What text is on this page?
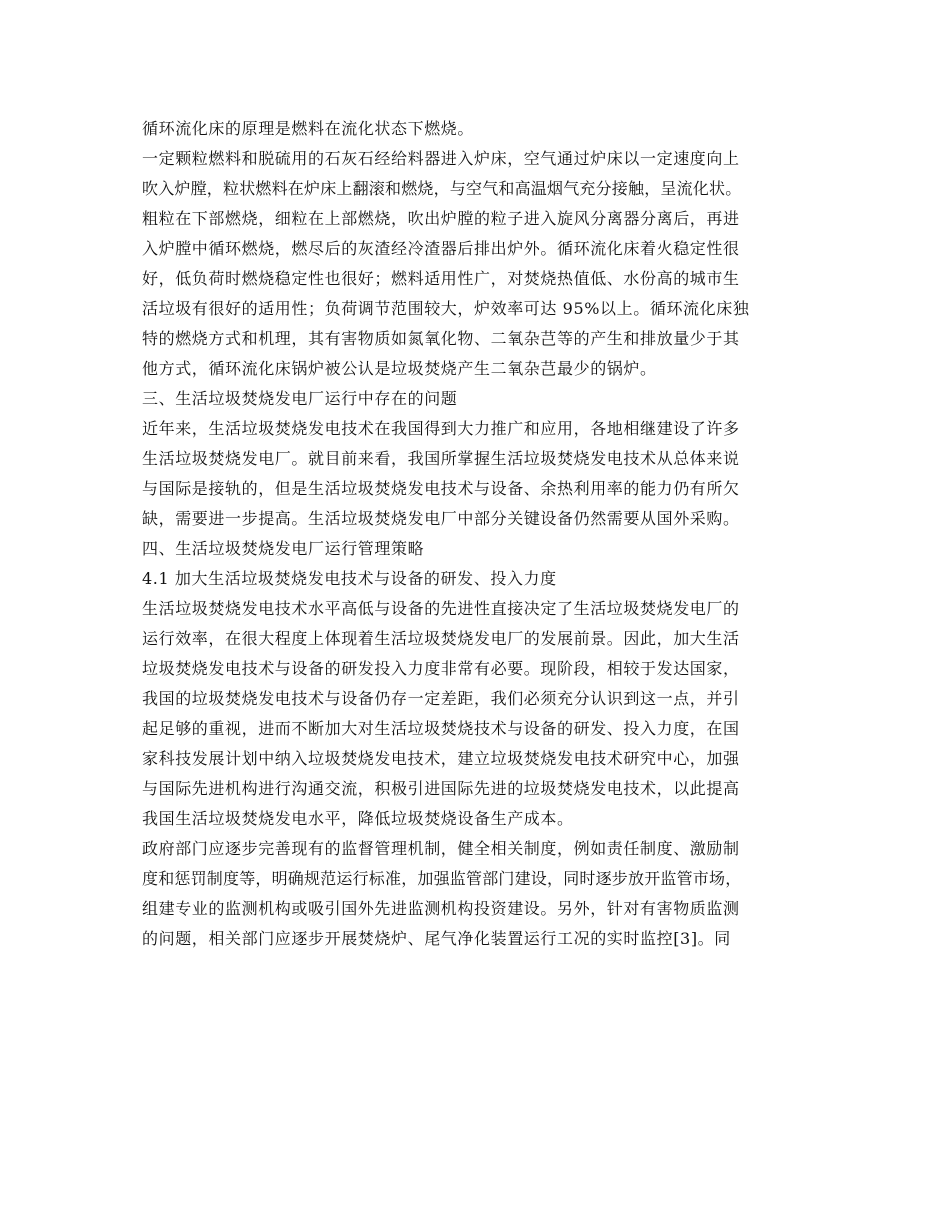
循环流化床的原理是燃料在流化状态下燃烧。
一定颗粒燃料和脱硫用的石灰石经给料器进入炉床，空气通过炉床以一定速度向上
吹入炉膛，粒状燃料在炉床上翻滚和燃烧，与空气和高温烟气充分接触，呈流化状。
粗粒在下部燃烧，细粒在上部燃烧，吹出炉膛的粒子进入旋风分离器分离后，再进
入炉膛中循环燃烧，燃尽后的灰渣经冷渣器后排出炉外。循环流化床着火稳定性很
好，低负荷时燃烧稳定性也很好；燃料适用性广，对焚烧热值低、水份高的城市生
活垃圾有很好的适用性；负荷调节范围较大，炉效率可达 95%以上。循环流化床独
特的燃烧方式和机理，其有害物质如氮氧化物、二氧杂芑等的产生和排放量少于其
他方式，循环流化床锅炉被公认是垃圾焚烧产生二氧杂芑最少的锅炉。
三、生活垃圾焚烧发电厂运行中存在的问题
近年来，生活垃圾焚烧发电技术在我国得到大力推广和应用，各地相继建设了许多
生活垃圾焚烧发电厂。就目前来看，我国所掌握生活垃圾焚烧发电技术从总体来说
与国际是接轨的，但是生活垃圾焚烧发电技术与设备、余热利用率的能力仍有所欠
缺，需要进一步提高。生活垃圾焚烧发电厂中部分关键设备仍然需要从国外采购。
四、生活垃圾焚烧发电厂运行管理策略
4.1 加大生活垃圾焚烧发电技术与设备的研发、投入力度
生活垃圾焚烧发电技术水平高低与设备的先进性直接决定了生活垃圾焚烧发电厂的
运行效率，在很大程度上体现着生活垃圾焚烧发电厂的发展前景。因此，加大生活
垃圾焚烧发电技术与设备的研发投入力度非常有必要。现阶段，相较于发达国家，
我国的垃圾焚烧发电技术与设备仍存一定差距，我们必须充分认识到这一点，并引
起足够的重视，进而不断加大对生活垃圾焚烧技术与设备的研发、投入力度，在国
家科技发展计划中纳入垃圾焚烧发电技术，建立垃圾焚烧发电技术研究中心，加强
与国际先进机构进行沟通交流，积极引进国际先进的垃圾焚烧发电技术，以此提高
我国生活垃圾焚烧发电水平，降低垃圾焚烧设备生产成本。
政府部门应逐步完善现有的监督管理机制，健全相关制度，例如责任制度、激励制
度和惩罚制度等，明确规范运行标准，加强监管部门建设，同时逐步放开监管市场，
组建专业的监测机构或吸引国外先进监测机构投资建设。另外，针对有害物质监测
的问题，相关部门应逐步开展焚烧炉、尾气净化装置运行工况的实时监控[3]。同
